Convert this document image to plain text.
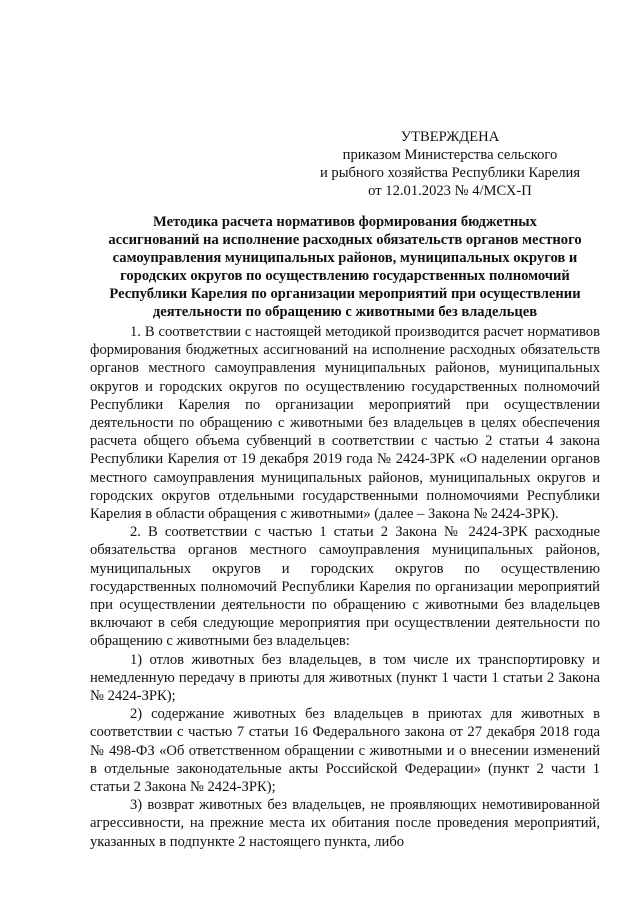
УТВЕРЖДЕНА
приказом Министерства сельского
и рыбного хозяйства Республики Карелия
от 12.01.2023 № 4/МСХ-П
Методика расчета нормативов формирования бюджетных
ассигнований на исполнение расходных обязательств органов местного
самоуправления муниципальных районов, муниципальных округов и
городских округов по осуществлению государственных полномочий
Республики Карелия по организации мероприятий при осуществлении
деятельности по обращению с животными без владельцев

1. В соответствии с настоящей методикой производится расчет нормативов формирования бюджетных ассигнований на исполнение расходных обязательств органов местного самоуправления муниципальных районов, муниципальных округов и городских округов по осуществлению государственных полномочий Республики Карелия по организации мероприятий при осуществлении деятельности по обращению с животными без владельцев в целях обеспечения расчета общего объема субвенций в соответствии с частью 2 статьи 4 закона Республики Карелия от 19 декабря 2019 года № 2424-ЗРК «О наделении органов местного самоуправления муниципальных районов, муниципальных округов и городских округов отдельными государственными полномочиями Республики Карелия в области обращения с животными» (далее – Закона № 2424-ЗРК).

2. В соответствии с частью 1 статьи 2 Закона № 2424-ЗРК расходные обязательства органов местного самоуправления муниципальных районов, муниципальных округов и городских округов по осуществлению государственных полномочий Республики Карелия по организации мероприятий при осуществлении деятельности по обращению с животными без владельцев включают в себя следующие мероприятия при осуществлении деятельности по обращению с животными без владельцев:

1) отлов животных без владельцев, в том числе их транспортировку и немедленную передачу в приюты для животных (пункт 1 части 1 статьи 2 Закона № 2424-ЗРК);

2) содержание животных без владельцев в приютах для животных в соответствии с частью 7 статьи 16 Федерального закона от 27 декабря 2018 года № 498-ФЗ «Об ответственном обращении с животными и о внесении изменений в отдельные законодательные акты Российской Федерации» (пункт 2 части 1 статьи 2 Закона № 2424-ЗРК);

3) возврат животных без владельцев, не проявляющих немотивированной агрессивности, на прежние места их обитания после проведения мероприятий, указанных в подпункте 2 настоящего пункта, либо
